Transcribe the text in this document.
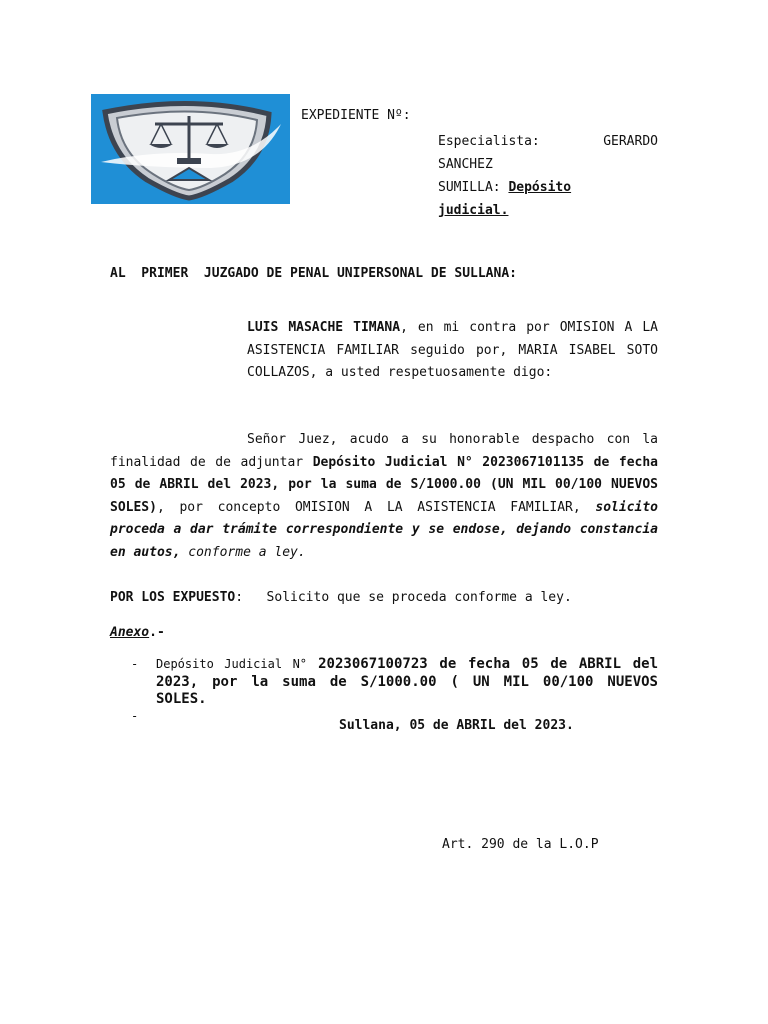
EXPEDIENTE Nº:
Especialista:	GERARDO
SANCHEZ
SUMILLA: Depósito
judicial.
AL  PRIMER  JUZGADO DE PENAL UNIPERSONAL DE SULLANA:
LUIS MASACHE TIMANA, en mi contra por OMISION A LA ASISTENCIA FAMILIAR seguido por, MARIA ISABEL SOTO COLLAZOS, a usted respetuosamente digo:
Señor Juez, acudo a su honorable despacho con la finalidad de de adjuntar Depósito Judicial N° 2023067101135 de fecha 05 de ABRIL del 2023, por la suma de S/1000.00 (UN MIL 00/100 NUEVOS SOLES), por concepto OMISION A LA ASISTENCIA FAMILIAR, solicito proceda a dar trámite correspondiente y se endose, dejando constancia en autos, conforme a ley.
POR LOS EXPUESTO:   Solicito que se proceda conforme a ley.
Anexo.-
- Depósito Judicial N° 2023067100723 de fecha 05 de ABRIL del 2023, por la suma de S/1000.00 ( UN MIL 00/100 NUEVOS SOLES.
-
Sullana, 05 de ABRIL del 2023.
Art. 290 de la L.O.P
